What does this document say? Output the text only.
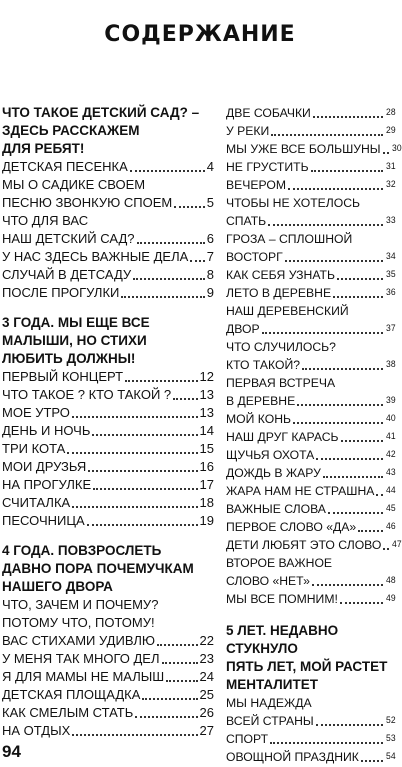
СОДЕРЖАНИЕ
ЧТО ТАКОЕ ДЕТСКИЙ САД? –
ЗДЕСЬ РАССКАЖЕМ
ДЛЯ РЕБЯТ!
ДЕТСКАЯ ПЕСЕНКА	4
МЫ О САДИКЕ СВОЕМ
ПЕСНЮ ЗВОНКУЮ СПОЕМ	5
ЧТО ДЛЯ ВАС
НАШ ДЕТСКИЙ САД?	6
У НАС ЗДЕСЬ ВАЖНЫЕ ДЕЛА 7
СЛУЧАЙ В ДЕТСАДУ	8
ПОСЛЕ ПРОГУЛКИ	9
3 ГОДА. МЫ ЕЩЕ ВСЕ
МАЛЫШИ, НО СТИХИ
ЛЮБИТЬ ДОЛЖНЫ!
ПЕРВЫЙ КОНЦЕРТ	12
ЧТО ТАКОЕ ? КТО ТАКОЙ ? 13
МОЕ УТРО	13
ДЕНЬ И НОЧЬ	14
ТРИ КОТА	15
МОИ ДРУЗЬЯ	16
НА ПРОГУЛКЕ	17
СЧИТАЛКА	18
ПЕСОЧНИЦА	19
4 ГОДА. ПОВЗРОСЛЕТЬ
ДАВНО ПОРА ПОЧЕМУЧКАМ
НАШЕГО ДВОРА
ЧТО, ЗАЧЕМ И ПОЧЕМУ?
ПОТОМУ ЧТО, ПОТОМУ!
ВАС СТИХАМИ УДИВЛЮ	22
У МЕНЯ ТАК МНОГО ДЕЛ	23
Я ДЛЯ МАМЫ НЕ МАЛЫШ	24
ДЕТСКАЯ ПЛОЩАДКА	25
КАК СМЕЛЫМ СТАТЬ	26
НА ОТДЫХ	27
ДВЕ СОБАЧКИ	28
У РЕКИ	29
МЫ УЖЕ ВСЕ БОЛЬШУНЫ 30
НЕ ГРУСТИТЬ	31
ВЕЧЕРОМ	32
ЧТОБЫ НЕ ХОТЕЛОСЬ
СПАТЬ	33
ГРОЗА – СПЛОШНОЙ
ВОСТОРГ	34
КАК СЕБЯ УЗНАТЬ	35
ЛЕТО В ДЕРЕВНЕ	36
НАШ ДЕРЕВЕНСКИЙ
ДВОР	37
ЧТО СЛУЧИЛОСЬ?
КТО ТАКОЙ?	38
ПЕРВАЯ ВСТРЕЧА
В ДЕРЕВНЕ	39
МОЙ КОНЬ	40
НАШ ДРУГ КАРАСЬ	41
ЩУЧЬЯ ОХОТА	42
ДОЖДЬ В ЖАРУ	43
ЖАРА НАМ НЕ СТРАШНА 44
ВАЖНЫЕ СЛОВА	45
ПЕРВОЕ СЛОВО «ДА»	46
ДЕТИ ЛЮБЯТ ЭТО СЛОВО 47
ВТОРОЕ ВАЖНОЕ
СЛОВО «НЕТ»	48
МЫ ВСЕ ПОМНИМ!	49
5 ЛЕТ. НЕДАВНО СТУКНУЛО
ПЯТЬ ЛЕТ, МОЙ РАСТЕТ
МЕНТАЛИТЕТ
МЫ НАДЕЖДА
ВСЕЙ СТРАНЫ	52
СПОРТ	53
ОВОЩНОЙ ПРАЗДНИК	54
94
